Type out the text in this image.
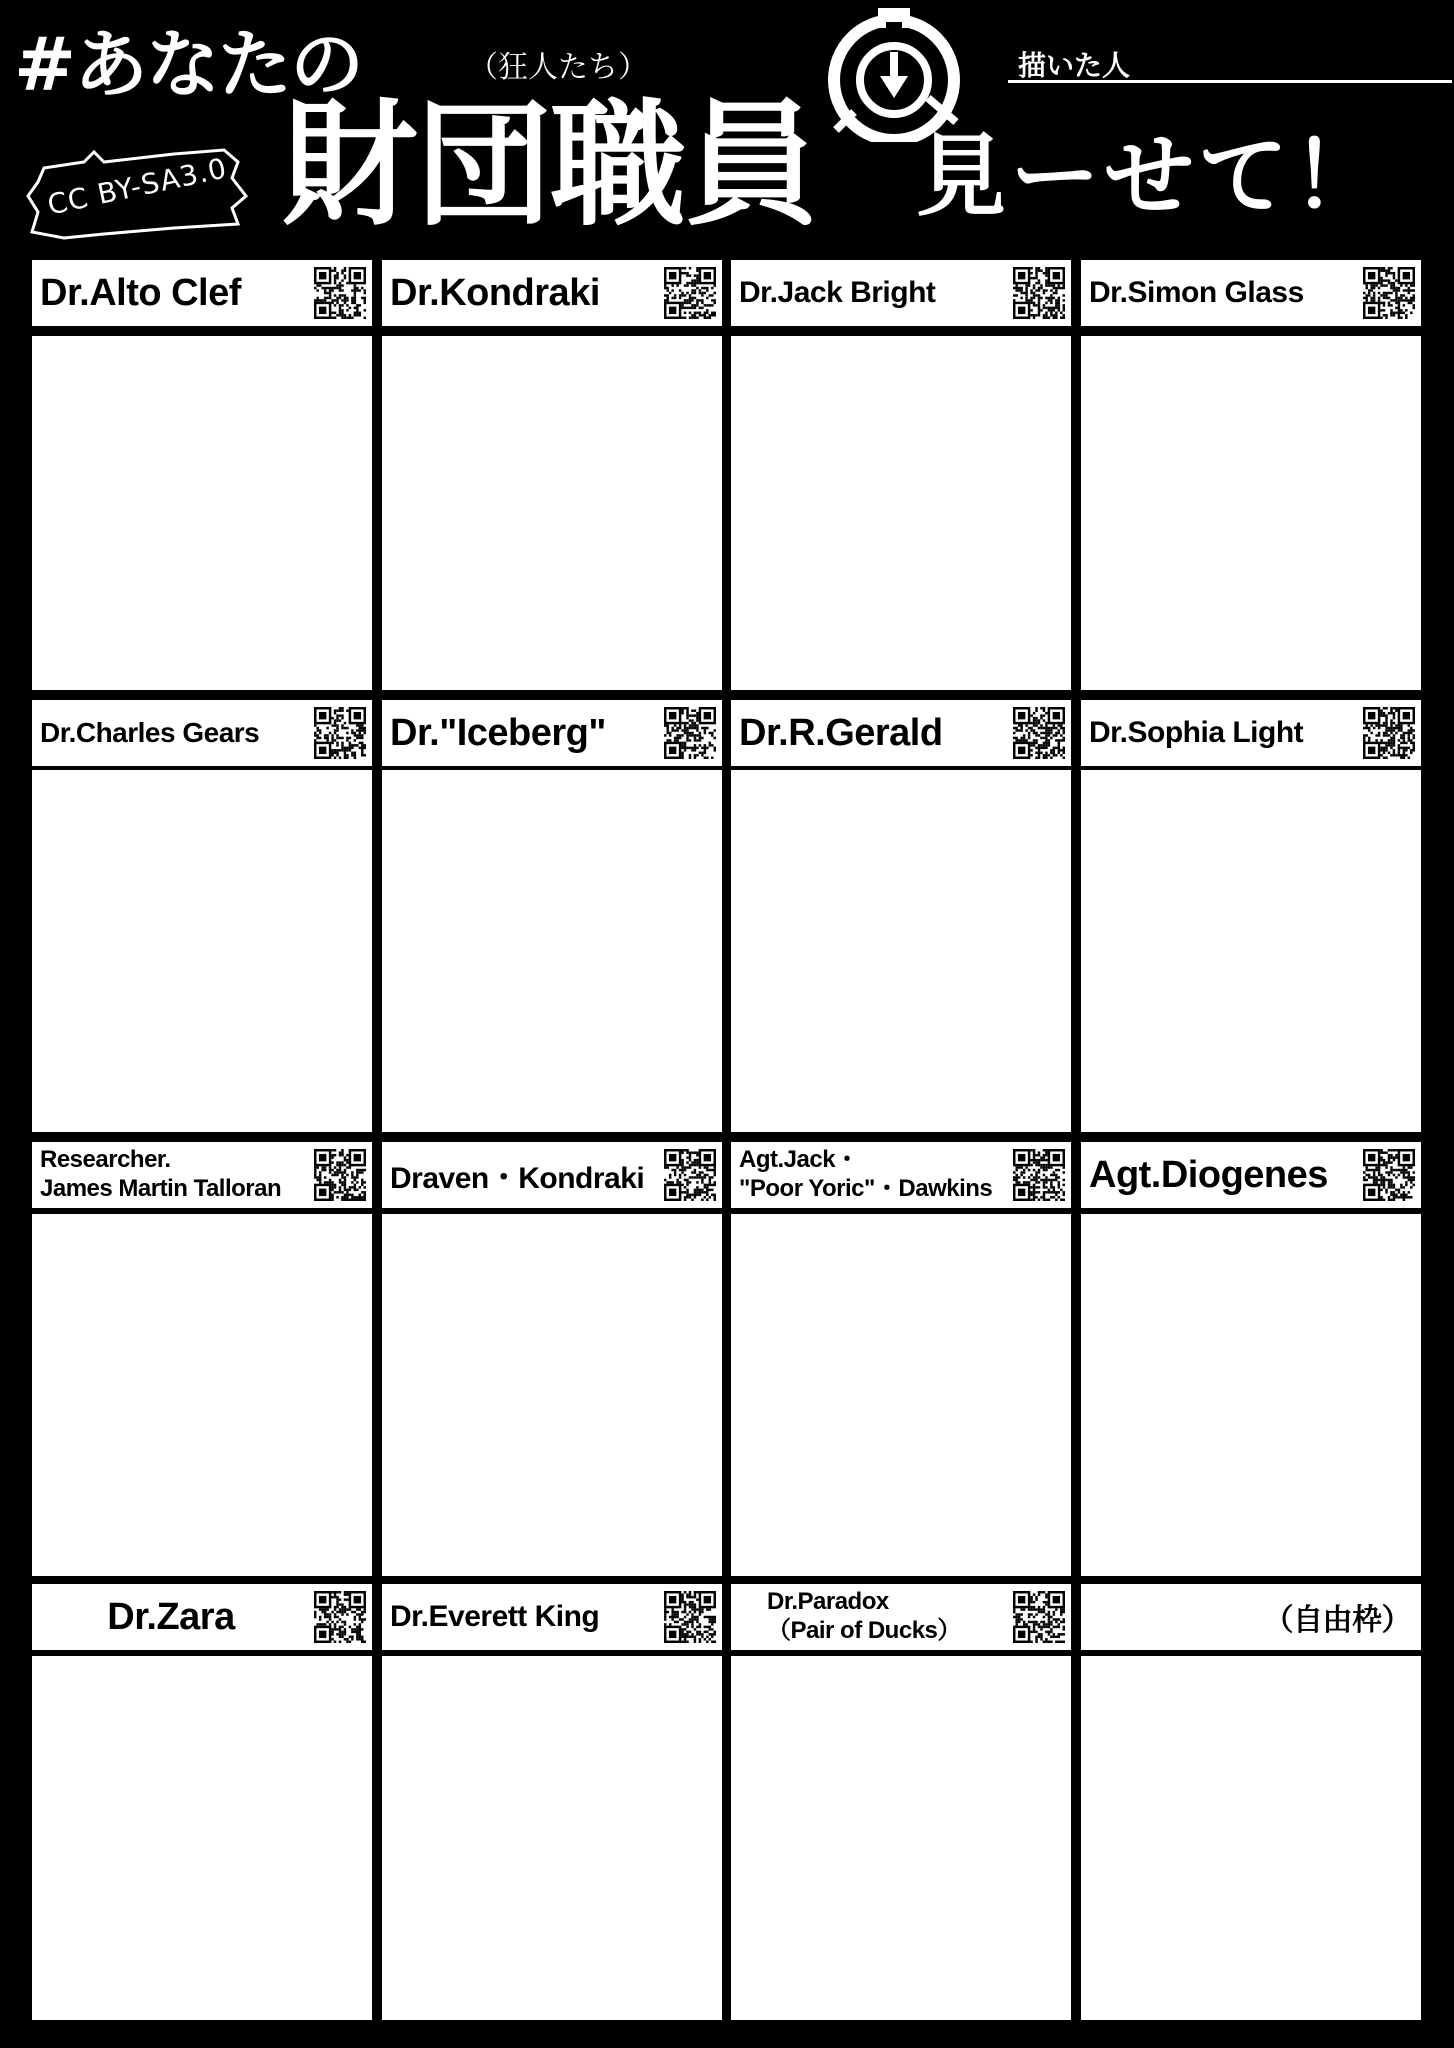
#あなたの	（狂人たち）
財団職員 見ーせて！
描いた人
CC BY-SA3.0
Dr.Alto Clef	Dr.Kondraki	Dr.Jack Bright	Dr.Simon Glass
Dr.Charles Gears	Dr."Iceberg"	Dr.R.Gerald	Dr.Sophia Light
Researcher.
James Martin Talloran	Draven・Kondraki
Agt.Jack・
"Poor Yoric"・Dawkins	Agt.Diogenes
Dr.Zara	Dr.Everett King	Dr.Paradox
（Pair of Ducks）	（自由枠）
